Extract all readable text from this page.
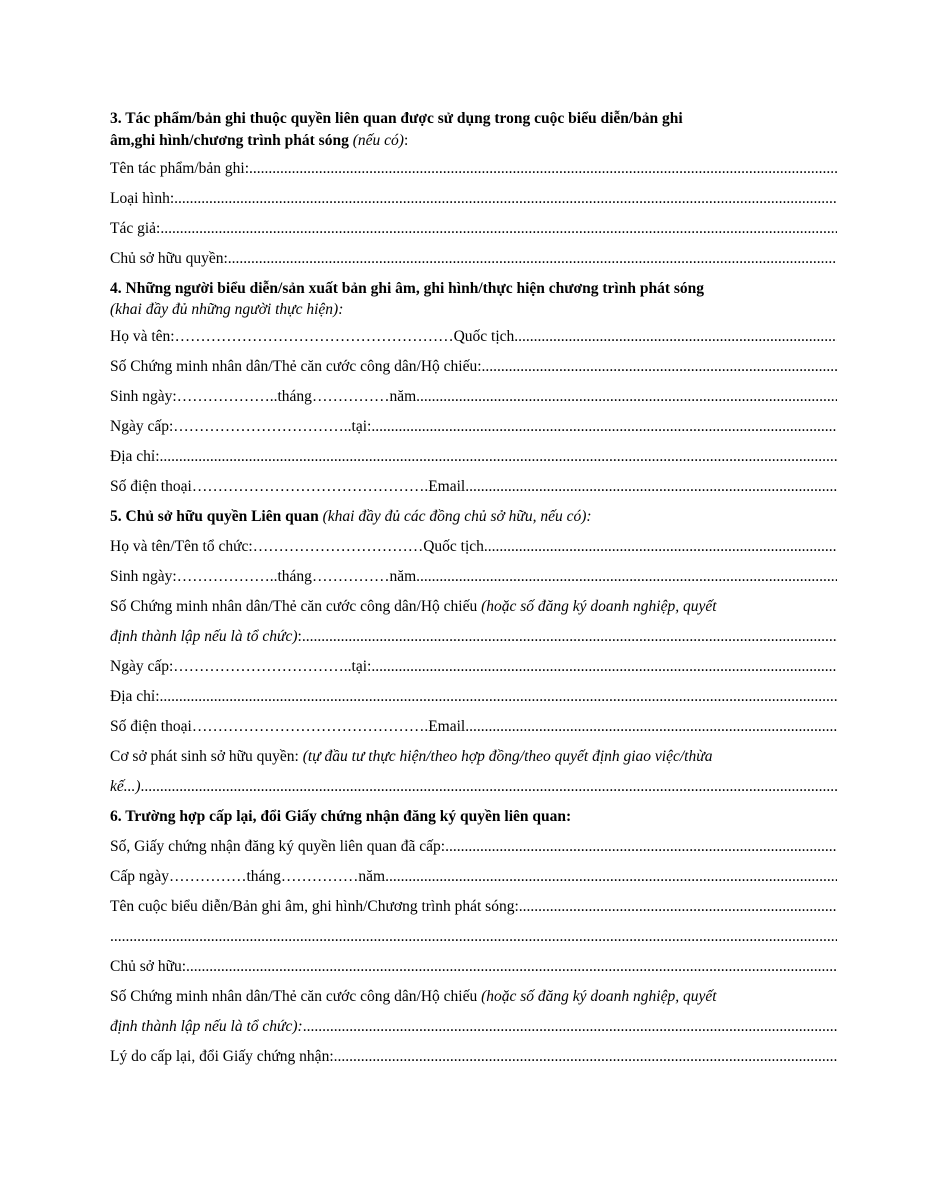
3. Tác phẩm/bản ghi thuộc quyền liên quan được sử dụng trong cuộc biểu diễn/bản ghi
âm,ghi hình/chương trình phát sóng (nếu có):
Tên tác phẩm/bản ghi:
.....
Loại hình:
.....
Tác giả:
.....
Chủ sở hữu quyền:
.....
4. Những người biểu diễn/sản xuất bản ghi âm, ghi hình/thực hiện chương trình phát sóng
(khai đầy đủ những người thực hiện):
Họ và tên: ……………………………………………… Quốc tịch
.....
Số Chứng minh nhân dân/Thẻ căn cước công dân/Hộ chiếu:
.....
Sinh ngày: ……………….. tháng …………… năm
.....
Ngày cấp: …………………………….. tại:
.....
Địa chỉ:
.....
Số điện thoại ………………………………………. Email
.....
5. Chủ sở hữu quyền Liên quan (khai đầy đủ các đồng chủ sở hữu, nếu có):
Họ và tên/Tên tổ chức: …………………………… Quốc tịch
.....
Sinh ngày: ……………….. tháng …………… năm
.....
Số Chứng minh nhân dân/Thẻ căn cước công dân/Hộ chiếu (hoặc số đăng ký doanh nghiệp, quyết
định thành lập nếu là tổ chức) :
.....
Ngày cấp: …………………………….. tại:
.....
Địa chỉ:
.....
Số điện thoại ………………………………………. Email
.....
Cơ sở phát sinh sở hữu quyền: (tự đầu tư thực hiện/theo hợp đồng/theo quyết định giao việc/thừa
kế...)
.....
6. Trường hợp cấp lại, đổi Giấy chứng nhận đăng ký quyền liên quan:
Số, Giấy chứng nhận đăng ký quyền liên quan đã cấp:
.....
Cấp ngày …………… tháng …………… năm
.....
Tên cuộc biểu diễn/Bản ghi âm, ghi hình/Chương trình phát sóng:
.....
.....
Chủ sở hữu:
.....
Số Chứng minh nhân dân/Thẻ căn cước công dân/Hộ chiếu (hoặc số đăng ký doanh nghiệp, quyết
định thành lập nếu là tổ chức):
.....
Lý do cấp lại, đổi Giấy chứng nhận:
.....
